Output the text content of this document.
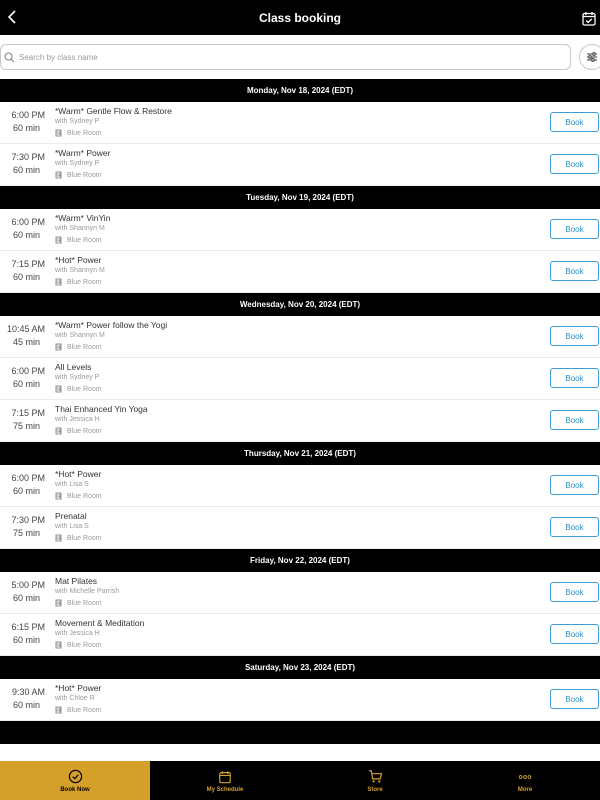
Class booking
Search by class name
Monday, Nov 18, 2024 (EDT)
6:00 PM
60 min
*Warm* Gentle Flow & Restore
with Sydney P
Blue Room
Book
7:30 PM
60 min
*Warm* Power
with Sydney P
Blue Room
Book
Tuesday, Nov 19, 2024 (EDT)
6:00 PM
60 min
*Warm* VinYin
with Shannyn M
Blue Room
Book
7:15 PM
60 min
*Hot* Power
with Shannyn M
Blue Room
Book
Wednesday, Nov 20, 2024 (EDT)
10:45 AM
45 min
*Warm* Power follow the Yogi
with Shannyn M
Blue Room
Book
6:00 PM
60 min
All Levels
with Sydney P
Blue Room
Book
7:15 PM
75 min
Thai Enhanced Yin Yoga
with Jessica H
Blue Room
Book
Thursday, Nov 21, 2024 (EDT)
6:00 PM
60 min
*Hot* Power
with Lisa S
Blue Room
Book
7:30 PM
75 min
Prenatal
with Lisa S
Blue Room
Book
Friday, Nov 22, 2024 (EDT)
5:00 PM
60 min
Mat Pilates
with Michelle Parrish
Blue Room
Book
6:15 PM
60 min
Movement & Meditation
with Jessica H
Blue Room
Book
Saturday, Nov 23, 2024 (EDT)
9:30 AM
60 min
*Hot* Power
with Chloe R
Blue Room
Book
Book Now	My Schedule	Store	More
